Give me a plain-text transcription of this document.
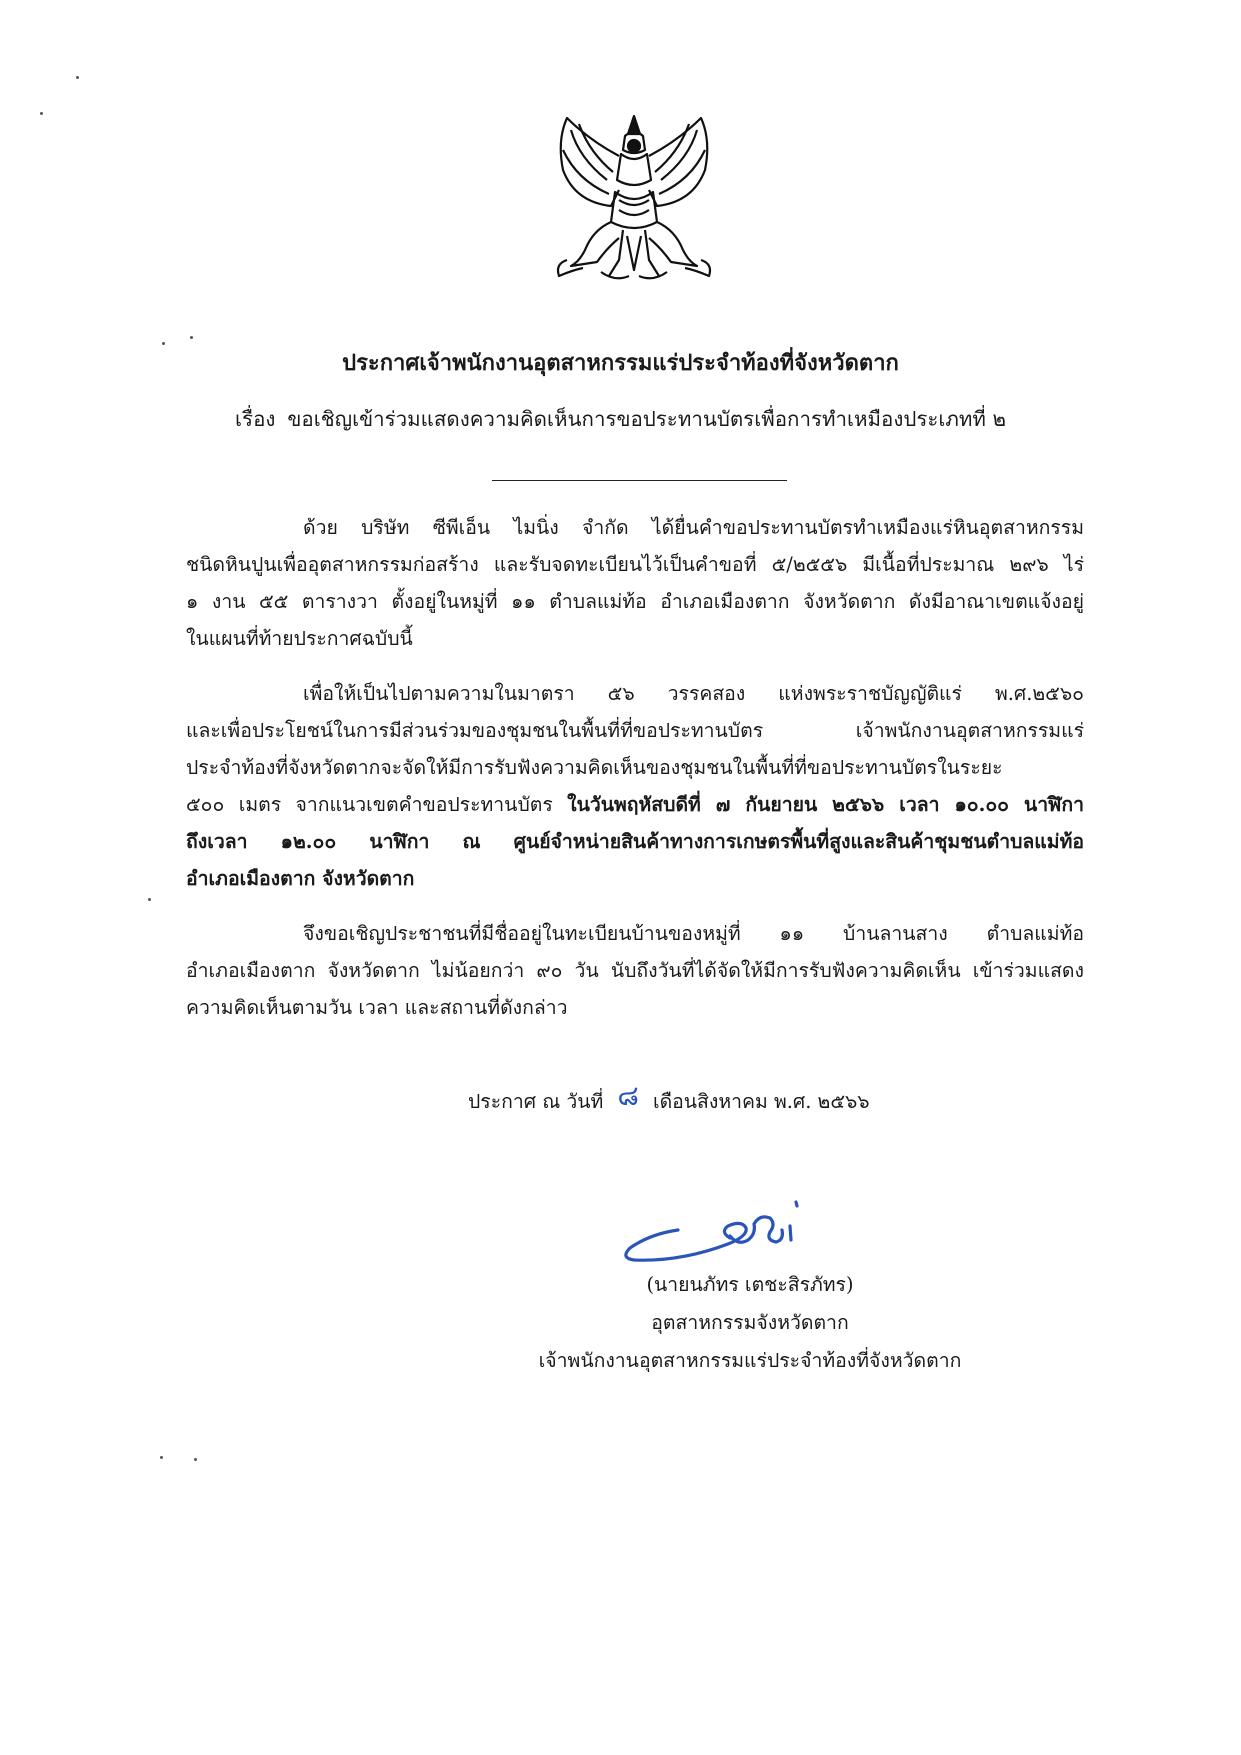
ประกาศเจ้าพนักงานอุตสาหกรรมแร่ประจำท้องที่จังหวัดตาก
เรื่อง ขอเชิญเข้าร่วมแสดงความคิดเห็นการขอประทานบัตรเพื่อการทำเหมืองประเภทที่ ๒
ด้วย บริษัท ซีพีเอ็น ไมนิ่ง จำกัด ได้ยื่นคำขอประทานบัตรทำเหมืองแร่หินอุตสาหกรรม
ชนิดหินปูนเพื่ออุตสาหกรรมก่อสร้าง และรับจดทะเบียนไว้เป็นคำขอที่ ๕/๒๕๕๖ มีเนื้อที่ประมาณ ๒๙๖ ไร่
๑ งาน ๕๕ ตารางวา ตั้งอยู่ในหมู่ที่ ๑๑ ตำบลแม่ท้อ อำเภอเมืองตาก จังหวัดตาก ดังมีอาณาเขตแจ้งอยู่
ในแผนที่ท้ายประกาศฉบับนี้
เพื่อให้เป็นไปตามความในมาตรา ๕๖ วรรคสอง แห่งพระราชบัญญัติแร่ พ.ศ.๒๕๖๐
และเพื่อประโยชน์ในการมีส่วนร่วมของชุมชนในพื้นที่ที่ขอประทานบัตร เจ้าพนักงานอุตสาหกรรมแร่
ประจำท้องที่จังหวัดตากจะจัดให้มีการรับฟังความคิดเห็นของชุมชนในพื้นที่ที่ขอประทานบัตรในระยะ
๕๐๐ เมตร จากแนวเขตคำขอประทานบัตร ในวันพฤหัสบดีที่ ๗ กันยายน ๒๕๖๖ เวลา ๑๐.๐๐ นาฬิกา
ถึงเวลา ๑๒.๐๐ นาฬิกา ณ ศูนย์จำหน่ายสินค้าทางการเกษตรพื้นที่สูงและสินค้าชุมชนตำบลแม่ท้อ
อำเภอเมืองตาก จังหวัดตาก
จึงขอเชิญประชาชนที่มีชื่ออยู่ในทะเบียนบ้านของหมู่ที่ ๑๑ บ้านลานสาง ตำบลแม่ท้อ
อำเภอเมืองตาก จังหวัดตาก ไม่น้อยกว่า ๙๐ วัน นับถึงวันที่ได้จัดให้มีการรับฟังความคิดเห็น เข้าร่วมแสดง
ความคิดเห็นตามวัน เวลา และสถานที่ดังกล่าว
ประกาศ ณ วันที่ ๘ เดือนสิงหาคม พ.ศ. ๒๕๖๖
(นายนภัทร เตชะสิรภัทร)
อุตสาหกรรมจังหวัดตาก
เจ้าพนักงานอุตสาหกรรมแร่ประจำท้องที่จังหวัดตาก
